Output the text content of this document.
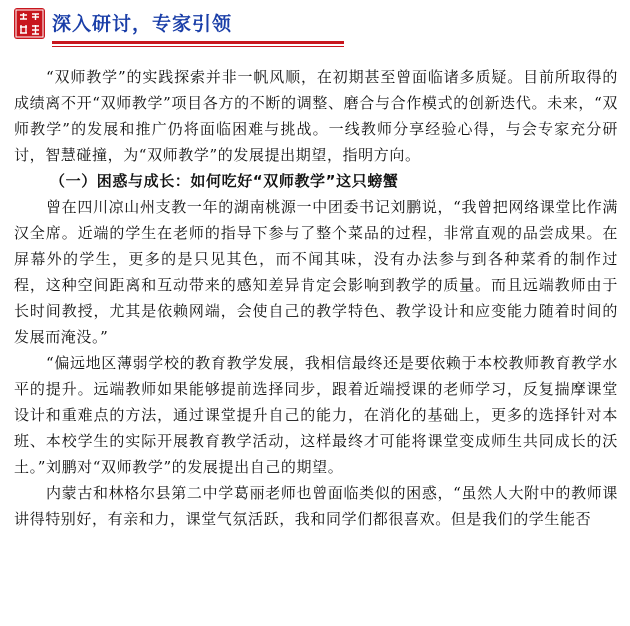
深入研讨，专家引领

“双师教学”的实践探索并非一帆风顺，在初期甚至曾面临诸多质疑。目前所取得的成绩离不开“双师教学”项目各方的不断的调整、磨合与合作模式的创新迭代。未来，“双师教学”的发展和推广仍将面临困难与挑战。一线教师分享经验心得，与会专家充分研讨，智慧碰撞，为“双师教学”的发展提出期望，指明方向。

（一）困惑与成长：如何吃好“双师教学”这只螃蟹

曾在四川凉山州支教一年的湖南桃源一中团委书记刘鹏说，“我曾把网络课堂比作满汉全席。近端的学生在老师的指导下参与了整个菜品的过程，非常直观的品尝成果。在屏幕外的学生，更多的是只见其色，而不闻其味，没有办法参与到各种菜肴的制作过程，这种空间距离和互动带来的感知差异肯定会影响到教学的质量。而且远端教师由于长时间教授，尤其是依赖网端，会使自己的教学特色、教学设计和应变能力随着时间的发展而淹没。”

“偏远地区薄弱学校的教育教学发展，我相信最终还是要依赖于本校教师教育教学水平的提升。远端教师如果能够提前选择同步，跟着近端授课的老师学习，反复揣摩课堂设计和重难点的方法，通过课堂提升自己的能力，在消化的基础上，更多的选择针对本班、本校学生的实际开展教育教学活动，这样最终才可能将课堂变成师生共同成长的沃土。”刘鹏对“双师教学”的发展提出自己的期望。

内蒙古和林格尔县第二中学葛丽老师也曾面临类似的困惑，“虽然人大附中的教师课讲得特别好，有亲和力，课堂气氛活跃，我和同学们都很喜欢。但是我们的学生能否
